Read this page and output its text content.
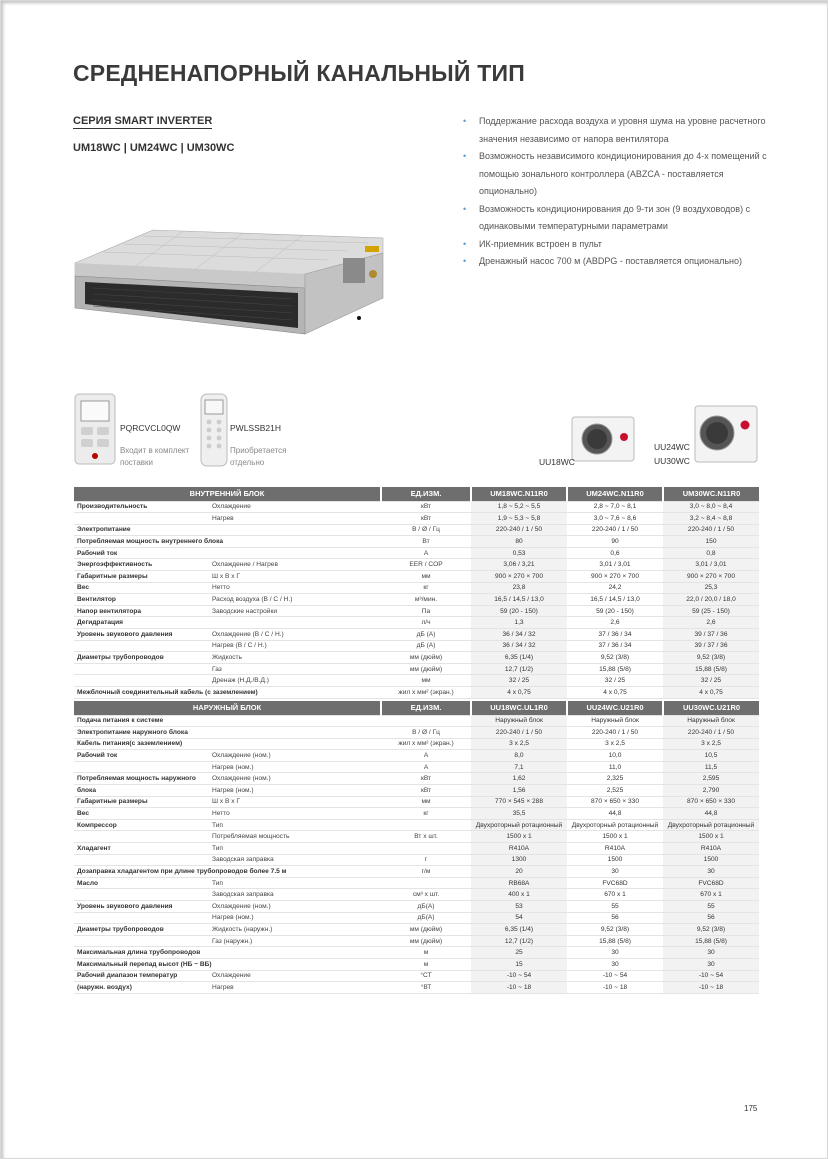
СРЕДНЕНАПОРНЫЙ КАНАЛЬНЫЙ ТИП
СЕРИЯ SMART INVERTER
UM18WC | UM24WC | UM30WC
• Поддержание расхода воздуха и уровня шума на уровне расчетного значения независимо от напора вентилятора
• Возможность независимого кондиционирования до 4-х помещений с помощью зонального контроллера (ABZCA - поставляется опционально)
• Возможность кондиционирования до 9-ти зон (9 воздуховодов) с одинаковыми температурными параметрами
• ИК-приемник встроен в пульт
• Дренажный насос 700 м (ABDPG - поставляется опционально)
PQRCVCL0QW
Входит в комплект поставки
PWLSSB21H
Приобретается отдельно	UU18WC
UU24WC
UU30WC
ВНУТРЕННИЙ БЛОК		ЕД.ИЗМ.	UM18WC.N11R0	UM24WC.N11R0	UM30WC.N11R0
Производительность	Охлаждение	кВт	1,8 ~ 5,2 ~ 5,5	2,8 ~ 7,0 ~ 8,1	3,0 ~ 8,0 ~ 8,4
	Нагрев	кВт	1,9 ~ 5,3 ~ 5,8	3,0 ~ 7,6 ~ 8,6	3,2 ~ 8,4 ~ 8,8
Электропитание		В / Ø / Гц	220-240 / 1 / 50	220-240 / 1 / 50	220-240 / 1 / 50
Потребляемая мощность внутреннего блока		Вт	80	90	150
Рабочий ток		А	0,53	0,6	0,8
Энергоэффективность	Охлаждение / Нагрев	EER / COP	3,06 / 3,21	3,01 / 3,01	3,01 / 3,01
Габаритные размеры	Ш x В x Г	мм	900 × 270 × 700	900 × 270 × 700	900 × 270 × 700
Вес	Нетто	кг	23,8	24,2	25,3
Вентилятор	Расход воздуха (В / С / Н.)	м³/мин.	16,5 / 14,5 / 13,0	16,5 / 14,5 / 13,0	22,0 / 20,0 / 18,0
Напор вентилятора	Заводские настройки	Па	59 (20 - 150)	59 (20 - 150)	59 (25 - 150)
Дегидратация		л/ч	1,3	2,6	2,6
Уровень звукового давления	Охлаждение (В / С / Н.)	дБ (А)	36 / 34 / 32	37 / 36 / 34	39 / 37 / 36
	Нагрев (В / С / Н.)	дБ (А)	36 / 34 / 32	37 / 36 / 34	39 / 37 / 36
Диаметры трубопроводов	Жидкость	мм (дюйм)	6,35 (1/4)	9,52 (3/8)	9,52 (3/8)
	Газ	мм (дюйм)	12,7 (1/2)	15,88 (5/8)	15,88 (5/8)
	Дренаж (Н.Д./В.Д.)	мм	32 / 25	32 / 25	32 / 25
Межблочный соединительный кабель (с заземлением)		жил x мм² (экран.)	4 x 0,75	4 x 0,75	4 x 0,75
НАРУЖНЫЙ БЛОК		ЕД.ИЗМ.	UU18WC.UL1R0	UU24WC.U21R0	UU30WC.U21R0
Подача питания к системе			Наружный блок	Наружный блок	Наружный блок
Электропитание наружного блока		В / Ø / Гц	220-240 / 1 / 50	220-240 / 1 / 50	220-240 / 1 / 50
Кабель питания(с заземлением)		жил x мм² (экран.)	3 x 2,5	3 x 2,5	3 x 2,5
Рабочий ток	Охлаждение (ном.)	А	8,0	10,0	10,5
	Нагрев (ном.)	А	7,1	11,0	11,5
Потребляемая мощность наружного	Охлаждение (ном.)	кВт	1,62	2,325	2,595
блока	Нагрев (ном.)	кВт	1,56	2,525	2,790
Габаритные размеры	Ш x В x Г	мм	770 × 545 × 288	870 × 650 × 330	870 × 650 × 330
Вес	Нетто	кг	35,5	44,8	44,8
Компрессор	Тип		Двухроторный ротационный	Двухроторный ротационный	Двухроторный ротационный
	Потребляемая мощность	Вт x шт.	1500 x 1	1500 x 1	1500 x 1
Хладагент	Тип		R410A	R410A	R410A
	Заводская заправка	г	1300	1500	1500
Дозаправка хладагентом при длине трубопроводов более 7.5 м		г/м	20	30	30
Масло	Тип		RB68A	FVC68D	FVC68D
	Заводская заправка	см³ x шт.	400 x 1	670 x 1	670 x 1
Уровень звукового давления	Охлаждение (ном.)	дБ(А)	53	55	55
	Нагрев (ном.)	дБ(А)	54	56	56
Диаметры трубопроводов	Жидкость (наружн.)	мм (дюйм)	6,35 (1/4)	9,52 (3/8)	9,52 (3/8)
	Газ (наружн.)	мм (дюйм)	12,7 (1/2)	15,88 (5/8)	15,88 (5/8)
Максимальная длина трубопроводов		м	25	30	30
Максимальный перепад высот (НБ ~ ВБ)		м	15	30	30
Рабочий диапазон температур	Охлаждение	°СТ	-10 ~ 54	-10 ~ 54	-10 ~ 54
(наружн. воздух)	Нагрев	°ВТ	-10 ~ 18	-10 ~ 18	-10 ~ 18
175
